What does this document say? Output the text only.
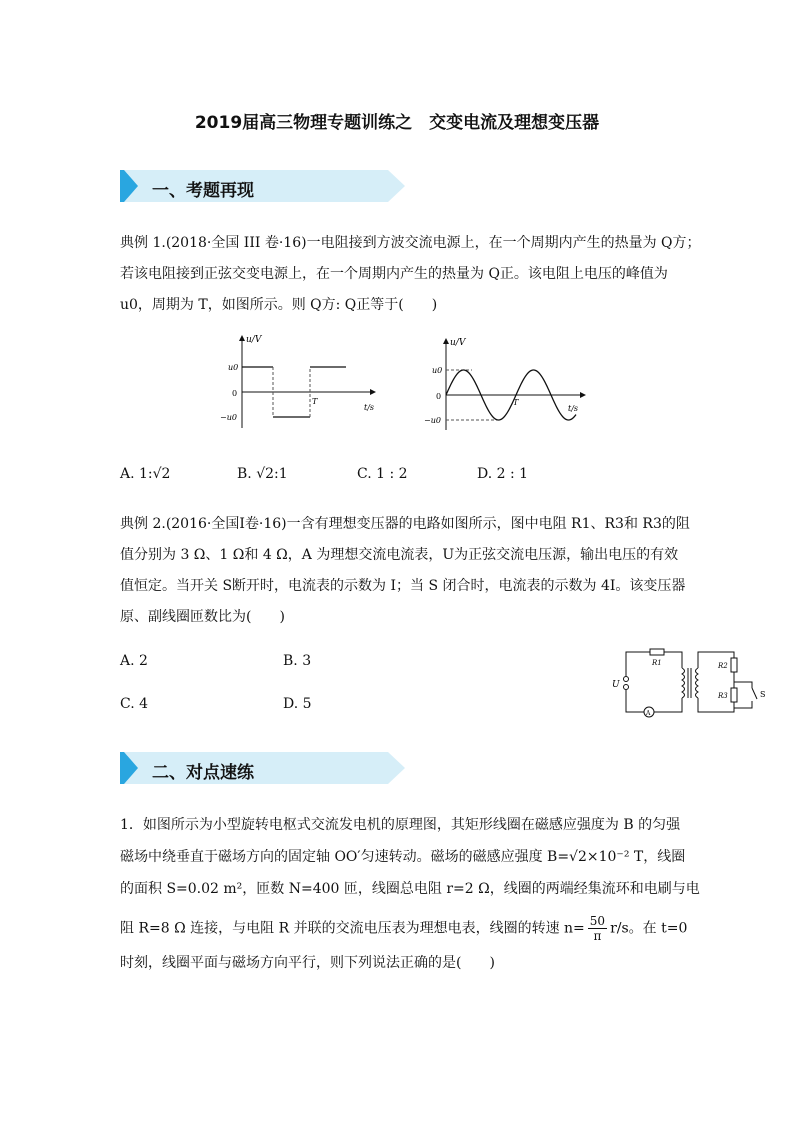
2019届高三物理专题训练之　交变电流及理想变压器
一、考题再现
典例 1.(2018·全国 III 卷·16)一电阻接到方波交流电源上，在一个周期内产生的热量为 Q方；
若该电阻接到正弦交变电源上，在一个周期内产生的热量为 Q正。该电阻上电压的峰值为
u0，周期为 T，如图所示。则 Q方: Q正等于(　　)
u/V
u0
0
−u0
T
t/s
u/V
u0
0
−u0
T
t/s
A. 1:√2	B. √2:1	C. 1 : 2	D. 2 : 1
典例 2.(2016·全国Ⅰ卷·16)一含有理想变压器的电路如图所示，图中电阻 R1、R3和 R3的阻
值分别为 3 Ω、1 Ω和 4 Ω，A 为理想交流电流表，U为正弦交流电压源，输出电压的有效
值恒定。当开关 S断开时，电流表的示数为 I；当 S 闭合时，电流表的示数为 4I。该变压器
原、副线圈匝数比为(　　)
A. 2	B. 3
C. 4	D. 5
U
R1	R2
R3
A
S
二、对点速练
1．如图所示为小型旋转电枢式交流发电机的原理图，其矩形线圈在磁感应强度为 B 的匀强
磁场中绕垂直于磁场方向的固定轴 OO′匀速转动。磁场的磁感应强度 B=√2×10⁻² T，线圈
的面积 S=0.02 m²，匝数 N=400 匝，线圈总电阻 r=2 Ω，线圈的两端经集流环和电刷与电
阻 R=8 Ω 连接，与电阻 R 并联的交流电压表为理想电表，线圈的转速 $n= \frac{50}{\pi} r/s$。在 t=0
时刻，线圈平面与磁场方向平行，则下列说法正确的是(　　)
